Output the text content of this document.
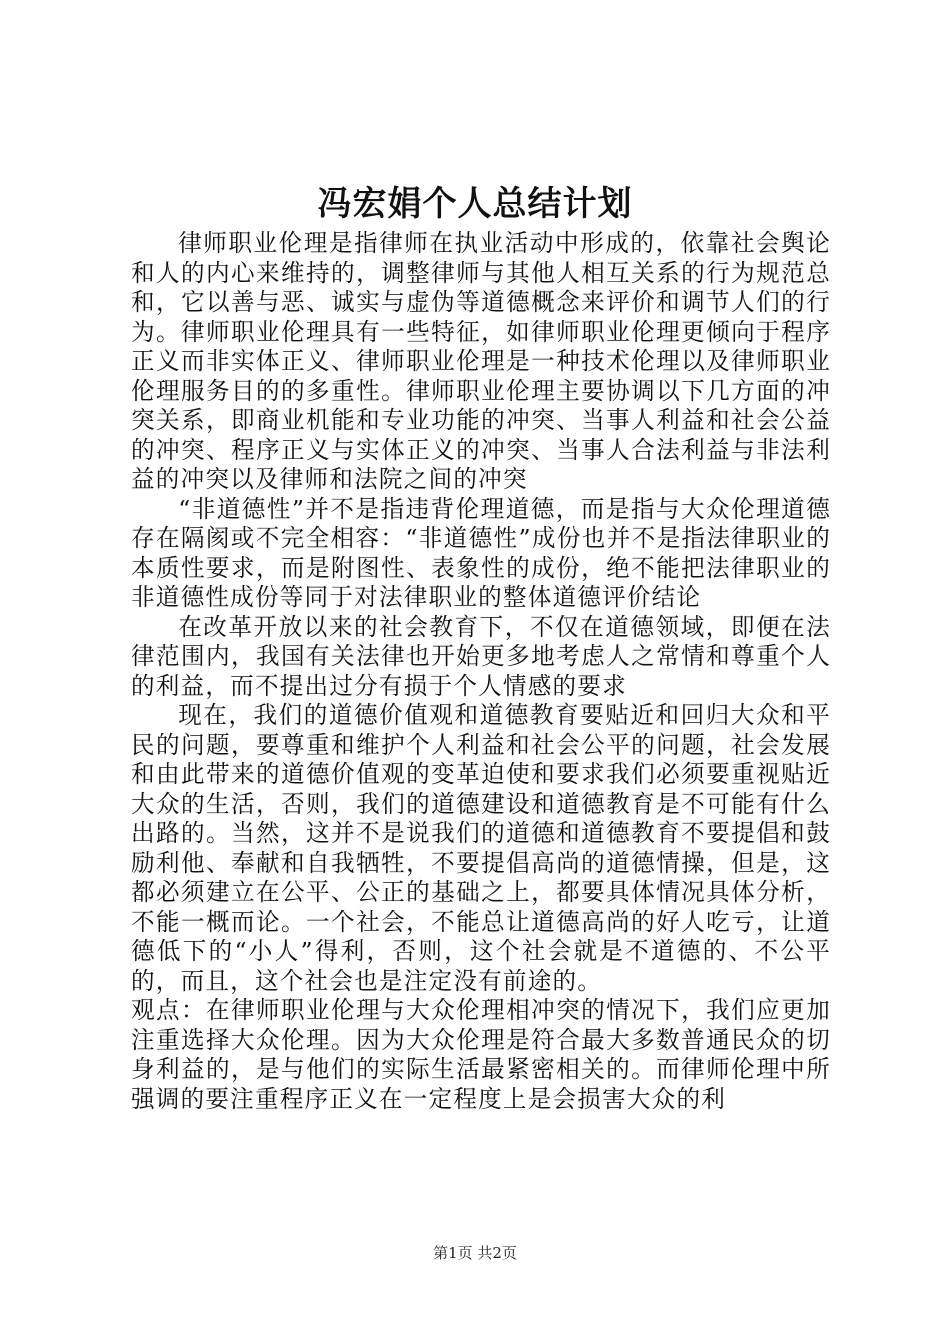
冯宏娟个人总结计划

律师职业伦理是指律师在执业活动中形成的，依靠社会舆论和人的内心来维持的，调整律师与其他人相互关系的行为规范总和，它以善与恶、诚实与虚伪等道德概念来评价和调节人们的行为。律师职业伦理具有一些特征，如律师职业伦理更倾向于程序正义而非实体正义、律师职业伦理是一种技术伦理以及律师职业伦理服务目的的多重性。律师职业伦理主要协调以下几方面的冲突关系，即商业机能和专业功能的冲突、当事人利益和社会公益的冲突、程序正义与实体正义的冲突、当事人合法利益与非法利益的冲突以及律师和法院之间的冲突

“非道德性”并不是指违背伦理道德，而是指与大众伦理道德存在隔阂或不完全相容：“非道德性”成份也并不是指法律职业的本质性要求，而是附图性、表象性的成份，绝不能把法律职业的非道德性成份等同于对法律职业的整体道德评价结论

在改革开放以来的社会教育下，不仅在道德领域，即便在法律范围内，我国有关法律也开始更多地考虑人之常情和尊重个人的利益，而不提出过分有损于个人情感的要求

现在，我们的道德价值观和道德教育要贴近和回归大众和平民的问题，要尊重和维护个人利益和社会公平的问题，社会发展和由此带来的道德价值观的变革迫使和要求我们必须要重视贴近大众的生活，否则，我们的道德建设和道德教育是不可能有什么出路的。当然，这并不是说我们的道德和道德教育不要提倡和鼓励利他、奉献和自我牺牲，不要提倡高尚的道德情操，但是，这都必须建立在公平、公正的基础之上，都要具体情况具体分析，不能一概而论。一个社会，不能总让道德高尚的好人吃亏，让道德低下的“小人”得利，否则，这个社会就是不道德的、不公平的，而且，这个社会也是注定没有前途的。

观点：在律师职业伦理与大众伦理相冲突的情况下，我们应更加注重选择大众伦理。因为大众伦理是符合最大多数普通民众的切身利益的，是与他们的实际生活最紧密相关的。而律师伦理中所强调的要注重程序正义在一定程度上是会损害大众的利

第1页 共2页
